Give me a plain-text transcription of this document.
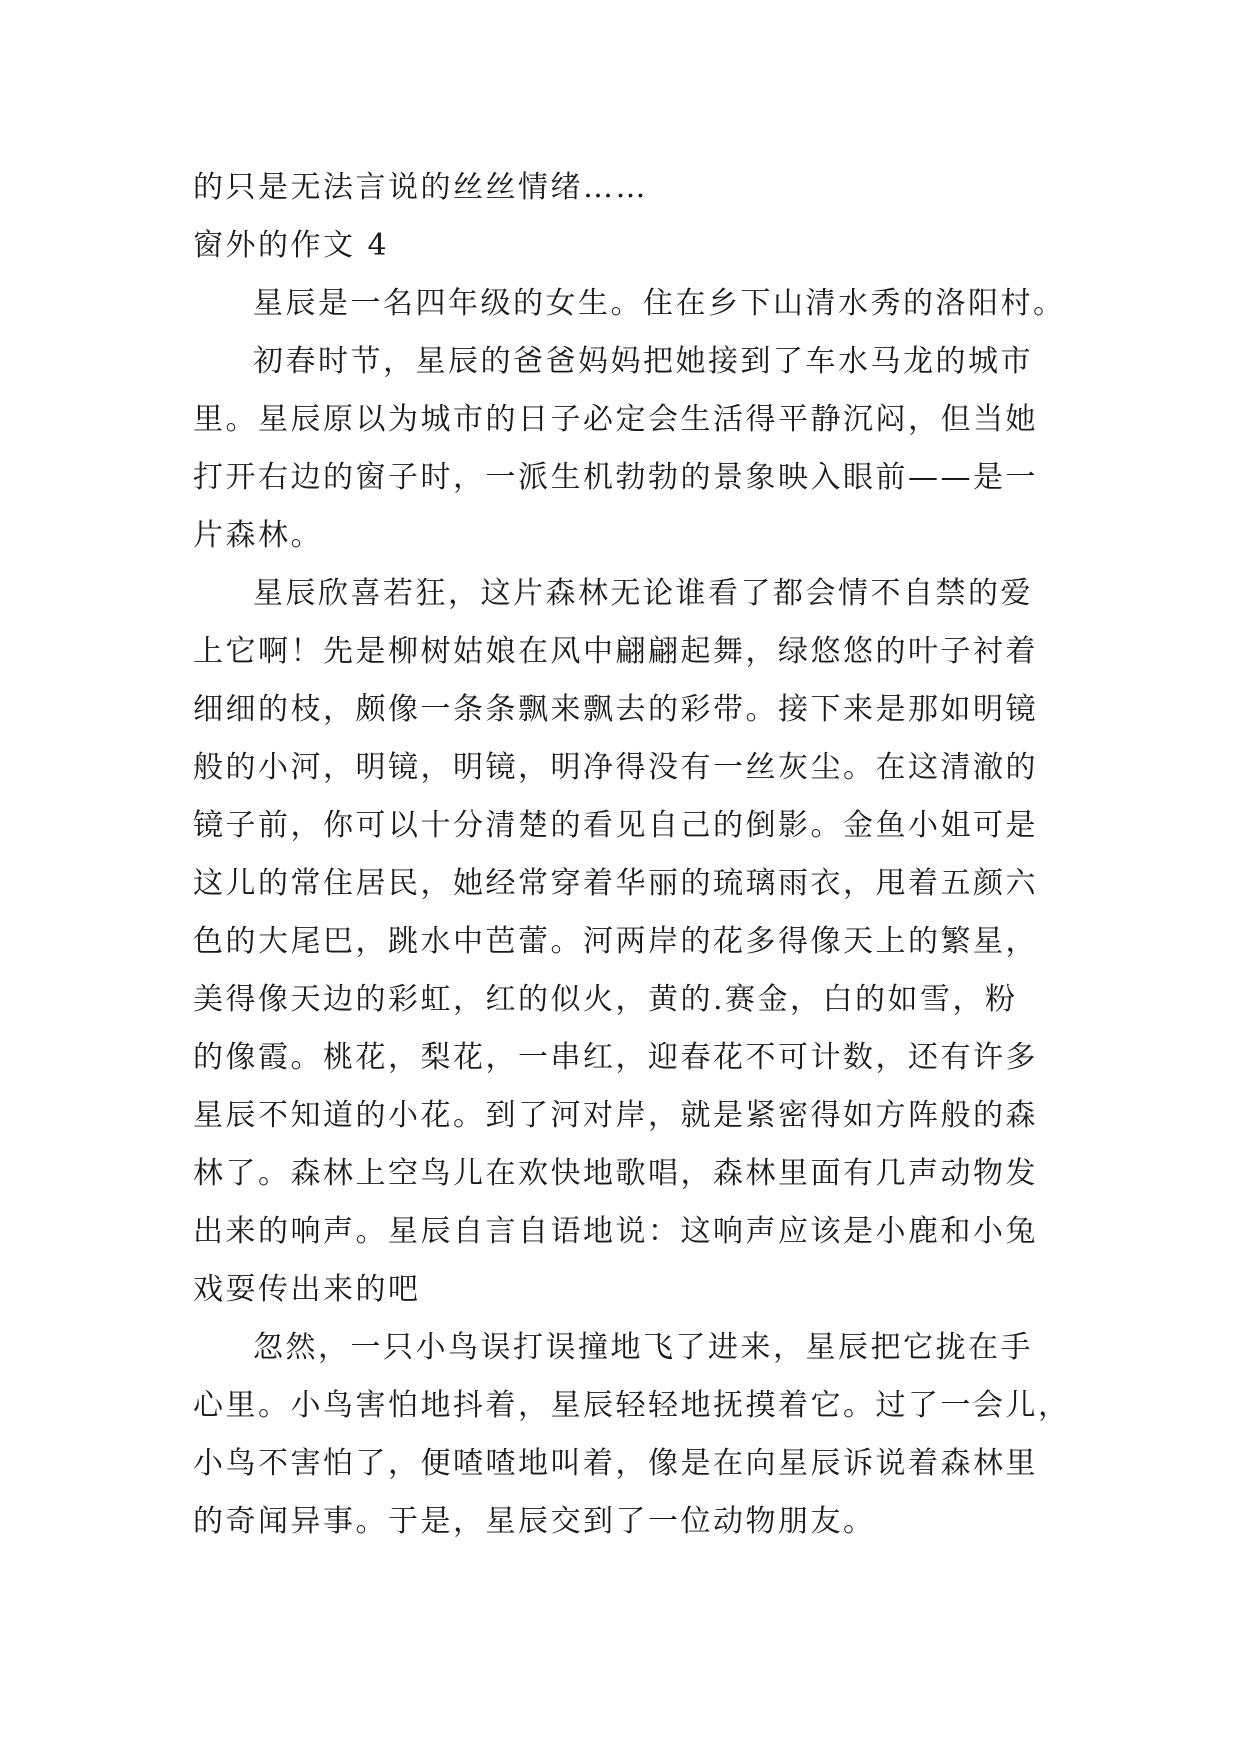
的只是无法言说的丝丝情绪……
窗外的作文 4
星辰是一名四年级的女生。住在乡下山清水秀的洛阳村。
初春时节，星辰的爸爸妈妈把她接到了车水马龙的城市
里。星辰原以为城市的日子必定会生活得平静沉闷，但当她
打开右边的窗子时，一派生机勃勃的景象映入眼前——是一
片森林。
星辰欣喜若狂，这片森林无论谁看了都会情不自禁的爱
上它啊！先是柳树姑娘在风中翩翩起舞，绿悠悠的叶子衬着
细细的枝，颇像一条条飘来飘去的彩带。接下来是那如明镜
般的小河，明镜，明镜，明净得没有一丝灰尘。在这清澈的
镜子前，你可以十分清楚的看见自己的倒影。金鱼小姐可是
这儿的常住居民，她经常穿着华丽的琉璃雨衣，甩着五颜六
色的大尾巴，跳水中芭蕾。河两岸的花多得像天上的繁星，
美得像天边的彩虹，红的似火，黄的.赛金，白的如雪，粉
的像霞。桃花，梨花，一串红，迎春花不可计数，还有许多
星辰不知道的小花。到了河对岸，就是紧密得如方阵般的森
林了。森林上空鸟儿在欢快地歌唱，森林里面有几声动物发
出来的响声。星辰自言自语地说：这响声应该是小鹿和小兔
戏耍传出来的吧
忽然，一只小鸟误打误撞地飞了进来，星辰把它拢在手
心里。小鸟害怕地抖着，星辰轻轻地抚摸着它。过了一会儿，
小鸟不害怕了，便喳喳地叫着，像是在向星辰诉说着森林里
的奇闻异事。于是，星辰交到了一位动物朋友。
